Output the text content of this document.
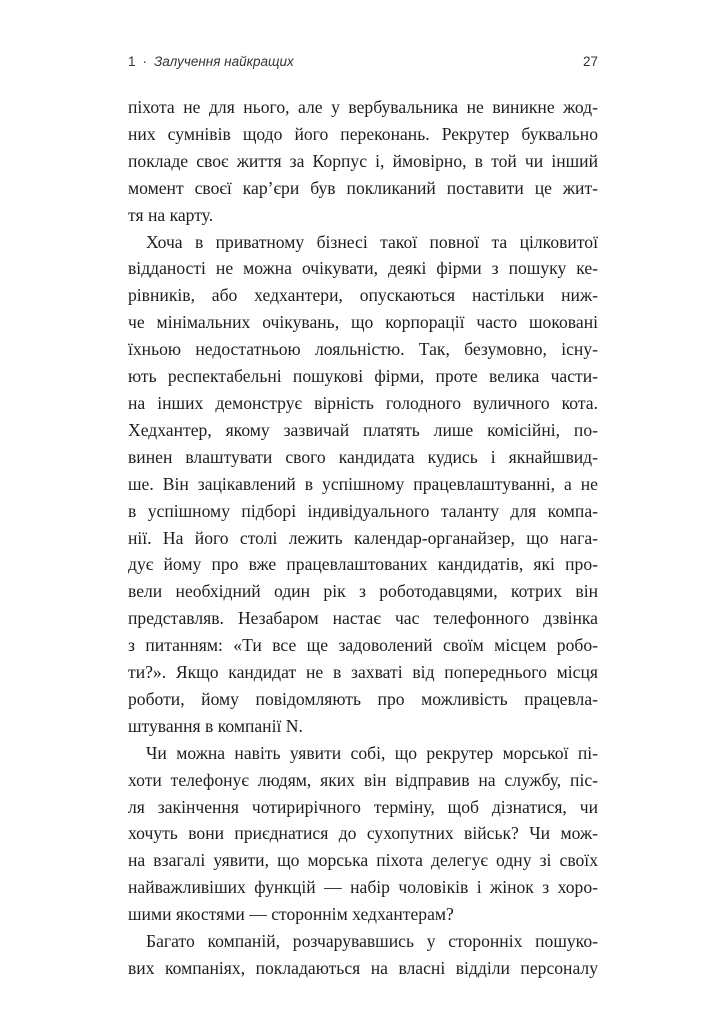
1 · Залучення найкращих	27
піхота не для нього, але у вербувальника не виникне жод-
них сумнівів щодо його переконань. Рекрутер буквально
покладе своє життя за Корпус і, ймовірно, в той чи інший
момент своєї кар’єри був покликаний поставити це жит-
тя на карту.
Хоча в приватному бізнесі такої повної та цілковитої
відданості не можна очікувати, деякі фірми з пошуку ке-
рівників, або хедхантери, опускаються настільки ниж-
че мінімальних очікувань, що корпорації часто шоковані
їхньою недостатньою лояльністю. Так, безумовно, існу-
ють респектабельні пошукові фірми, проте велика части-
на інших демонструє вірність голодного вуличного кота.
Хедхантер, якому зазвичай платять лише комісійні, по-
винен влаштувати свого кандидата кудись і якнайшвид-
ше. Він зацікавлений в успішному працевлаштуванні, а не
в успішному підборі індивідуального таланту для компа-
нії. На його столі лежить календар-органайзер, що нага-
дує йому про вже працевлаштованих кандидатів, які про-
вели необхідний один рік з роботодавцями, котрих він
представляв. Незабаром настає час телефонного дзвінка
з питанням: «Ти все ще задоволений своїм місцем робо-
ти?». Якщо кандидат не в захваті від попереднього місця
роботи, йому повідомляють про можливість працевла-
штування в компанії N.
Чи можна навіть уявити собі, що рекрутер морської пі-
хоти телефонує людям, яких він відправив на службу, піс-
ля закінчення чотирирічного терміну, щоб дізнатися, чи
хочуть вони приєднатися до сухопутних військ? Чи мож-
на взагалі уявити, що морська піхота делегує одну зі своїх
найважливіших функцій — набір чоловіків і жінок з хоро-
шими якостями — стороннім хедхантерам?
Багато компаній, розчарувавшись у сторонніх пошуко-
вих компаніях, покладаються на власні відділи персоналу
